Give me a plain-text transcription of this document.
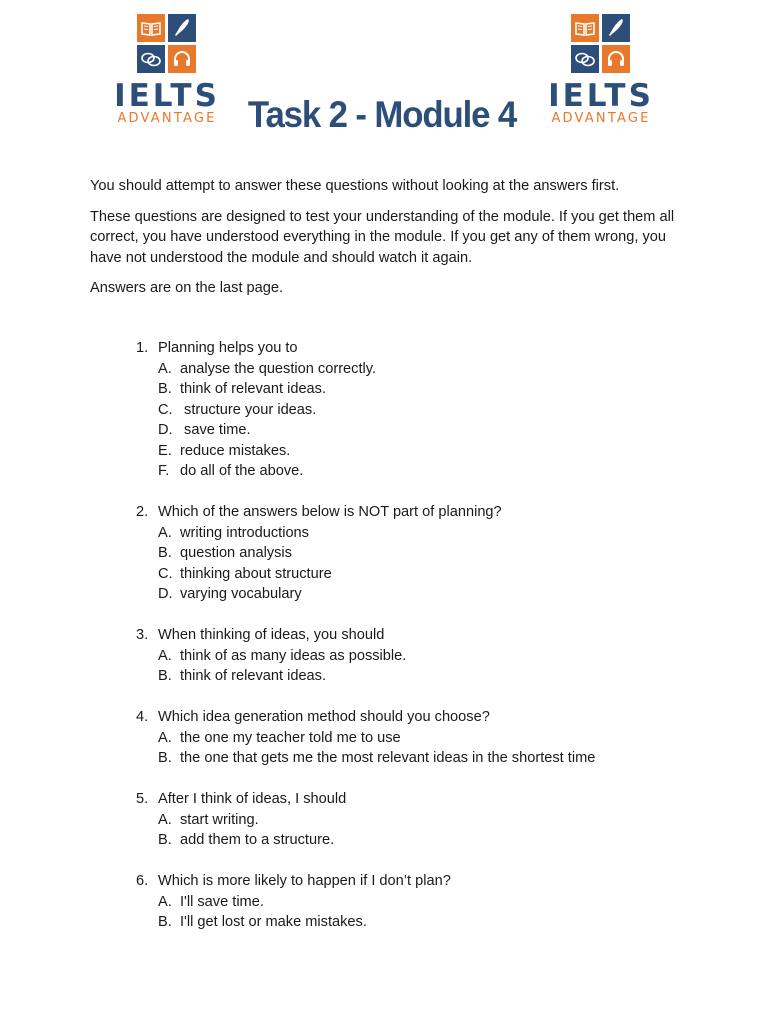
IELTS
ADVANTAGE Task 2 - Module 4 IELTS
ADVANTAGE

You should attempt to answer these questions without looking at the answers first.

These questions are designed to test your understanding of the module. If you get them all correct, you have understood everything in the module. If you get any of them wrong, you have not understood the module and should watch it again.

Answers are on the last page.

1. Planning helps you to
A. analyse the question correctly.
B. think of relevant ideas.
C. structure your ideas.
D. save time.
E. reduce mistakes.
F. do all of the above.
2. Which of the answers below is NOT part of planning?
A. writing introductions
B. question analysis
C. thinking about structure
D. varying vocabulary
3. When thinking of ideas, you should
A. think of as many ideas as possible.
B. think of relevant ideas.
4. Which idea generation method should you choose?
A. the one my teacher told me to use
B. the one that gets me the most relevant ideas in the shortest time
5. After I think of ideas, I should
A. start writing.
B. add them to a structure.
6. Which is more likely to happen if I don’t plan?
A. I'll save time.
B. I'll get lost or make mistakes.
